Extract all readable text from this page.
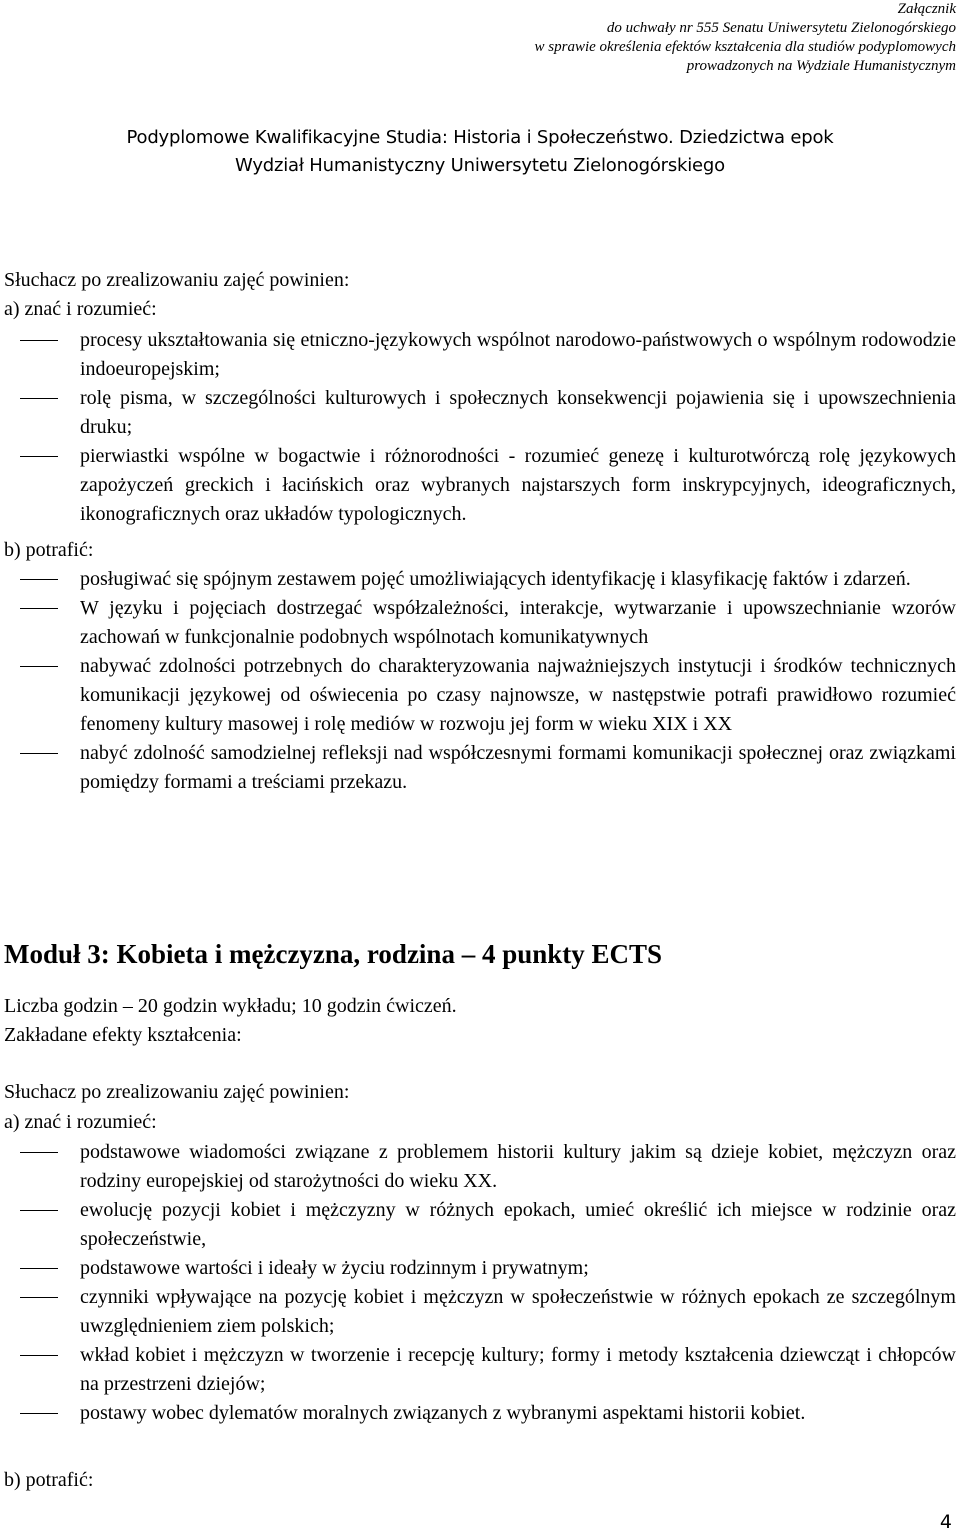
Załącznik
do uchwały nr 555 Senatu Uniwersytetu Zielonogórskiego
w sprawie określenia efektów kształcenia dla studiów podyplomowych
prowadzonych na Wydziale Humanistycznym
Podyplomowe Kwalifikacyjne Studia: Historia i Społeczeństwo. Dziedzictwa epok
Wydział Humanistyczny Uniwersytetu Zielonogórskiego
Słuchacz po zrealizowaniu zajęć powinien:
a) znać i rozumieć:
procesy ukształtowania się etniczno-językowych wspólnot narodowo-państwowych o wspólnym rodowodzie indoeuropejskim;
rolę pisma, w szczególności kulturowych i społecznych konsekwencji pojawienia się i upowszechnienia druku;
pierwiastki wspólne w bogactwie i różnorodności - rozumieć genezę i kulturotwórczą rolę językowych zapożyczeń greckich i łacińskich oraz wybranych najstarszych form inskrypcyjnych, ideograficznych, ikonograficznych oraz układów typologicznych.
b) potrafić:
posługiwać się spójnym zestawem pojęć umożliwiających identyfikację i klasyfikację faktów i zdarzeń.
W języku i pojęciach dostrzegać współzależności, interakcje, wytwarzanie i upowszechnianie wzorów zachowań w funkcjonalnie podobnych wspólnotach komunikatywnych
nabywać zdolności potrzebnych do charakteryzowania najważniejszych instytucji i środków technicznych komunikacji językowej od oświecenia po czasy najnowsze, w następstwie potrafi prawidłowo rozumieć fenomeny kultury masowej i rolę mediów w rozwoju jej form w wieku XIX i XX
nabyć zdolność samodzielnej refleksji nad współczesnymi formami komunikacji społecznej oraz związkami pomiędzy formami a treściami przekazu.
Moduł 3: Kobieta i mężczyzna, rodzina – 4 punkty ECTS
Liczba godzin – 20 godzin wykładu; 10 godzin ćwiczeń.
Zakładane efekty kształcenia:
Słuchacz po zrealizowaniu zajęć powinien:
a) znać i rozumieć:
podstawowe wiadomości związane z problemem historii kultury jakim są dzieje kobiet, mężczyzn oraz rodziny europejskiej od starożytności do wieku XX.
ewolucję pozycji kobiet i mężczyzny w różnych epokach, umieć określić ich miejsce w rodzinie oraz społeczeństwie,
podstawowe wartości i ideały w życiu rodzinnym i prywatnym;
czynniki wpływające na pozycję kobiet i mężczyzn w społeczeństwie w różnych epokach ze szczególnym uwzględnieniem ziem polskich;
wkład kobiet i mężczyzn w tworzenie i recepcję kultury; formy i metody kształcenia dziewcząt i chłopców na przestrzeni dziejów;
postawy wobec dylematów moralnych związanych z wybranymi aspektami historii kobiet.
b) potrafić:
4
